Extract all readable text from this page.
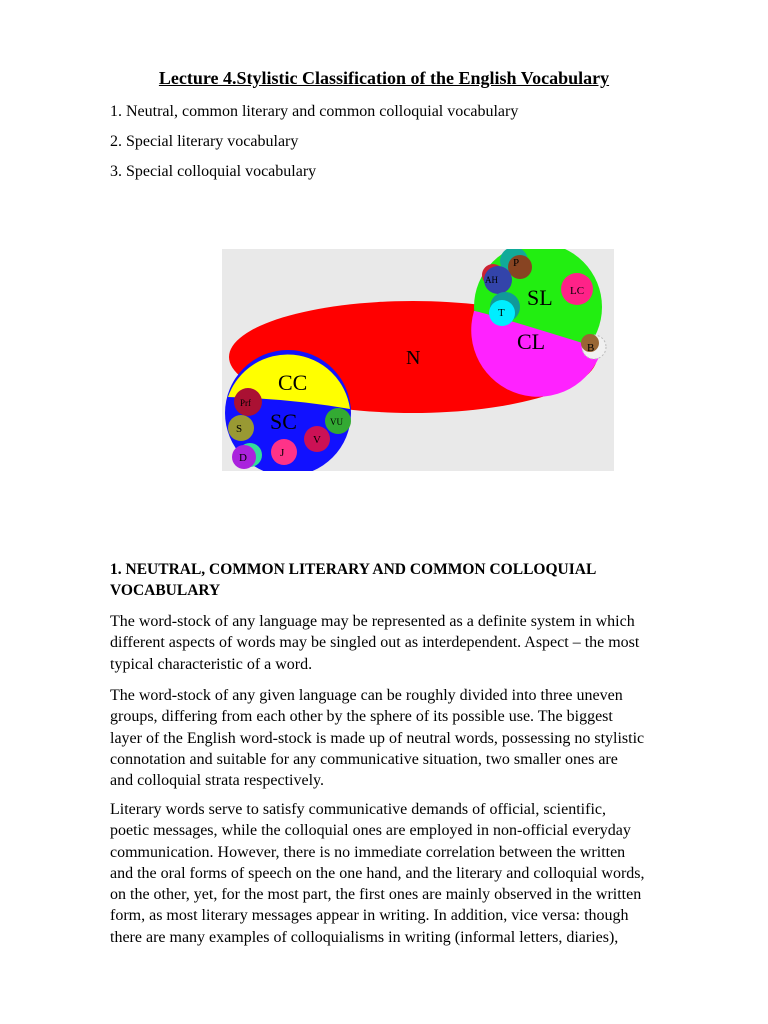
Lecture 4.Stylistic Classification of the English Vocabulary
1. Neutral, common literary and common colloquial vocabulary
2. Special literary vocabulary
3. Special colloquial vocabulary
N
SL
CL
CC
SC
LC
P
AH
T
B
Prf
S
VU
V
J
D
1. NEUTRAL, COMMON LITERARY AND COMMON COLLOQUIAL
VOCABULARY
The word-stock of any language may be represented as a definite system in which
different aspects of words may be singled out as interdependent. Aspect – the most
typical characteristic of a word.
The word-stock of any given language can be roughly divided into three uneven
groups, differing from each other by the sphere of its possible use. The biggest
layer of the English word-stock is made up of neutral words, possessing no stylistic
connotation and suitable for any communicative situation, two smaller ones are
and colloquial strata respectively.
Literary words serve to satisfy communicative demands of official, scientific,
poetic messages, while the colloquial ones are employed in non-official everyday
communication. However, there is no immediate correlation between the written
and the oral forms of speech on the one hand, and the literary and colloquial words,
on the other, yet, for the most part, the first ones are mainly observed in the written
form, as most literary messages appear in writing. In addition, vice versa: though
there are many examples of colloquialisms in writing (informal letters, diaries),
